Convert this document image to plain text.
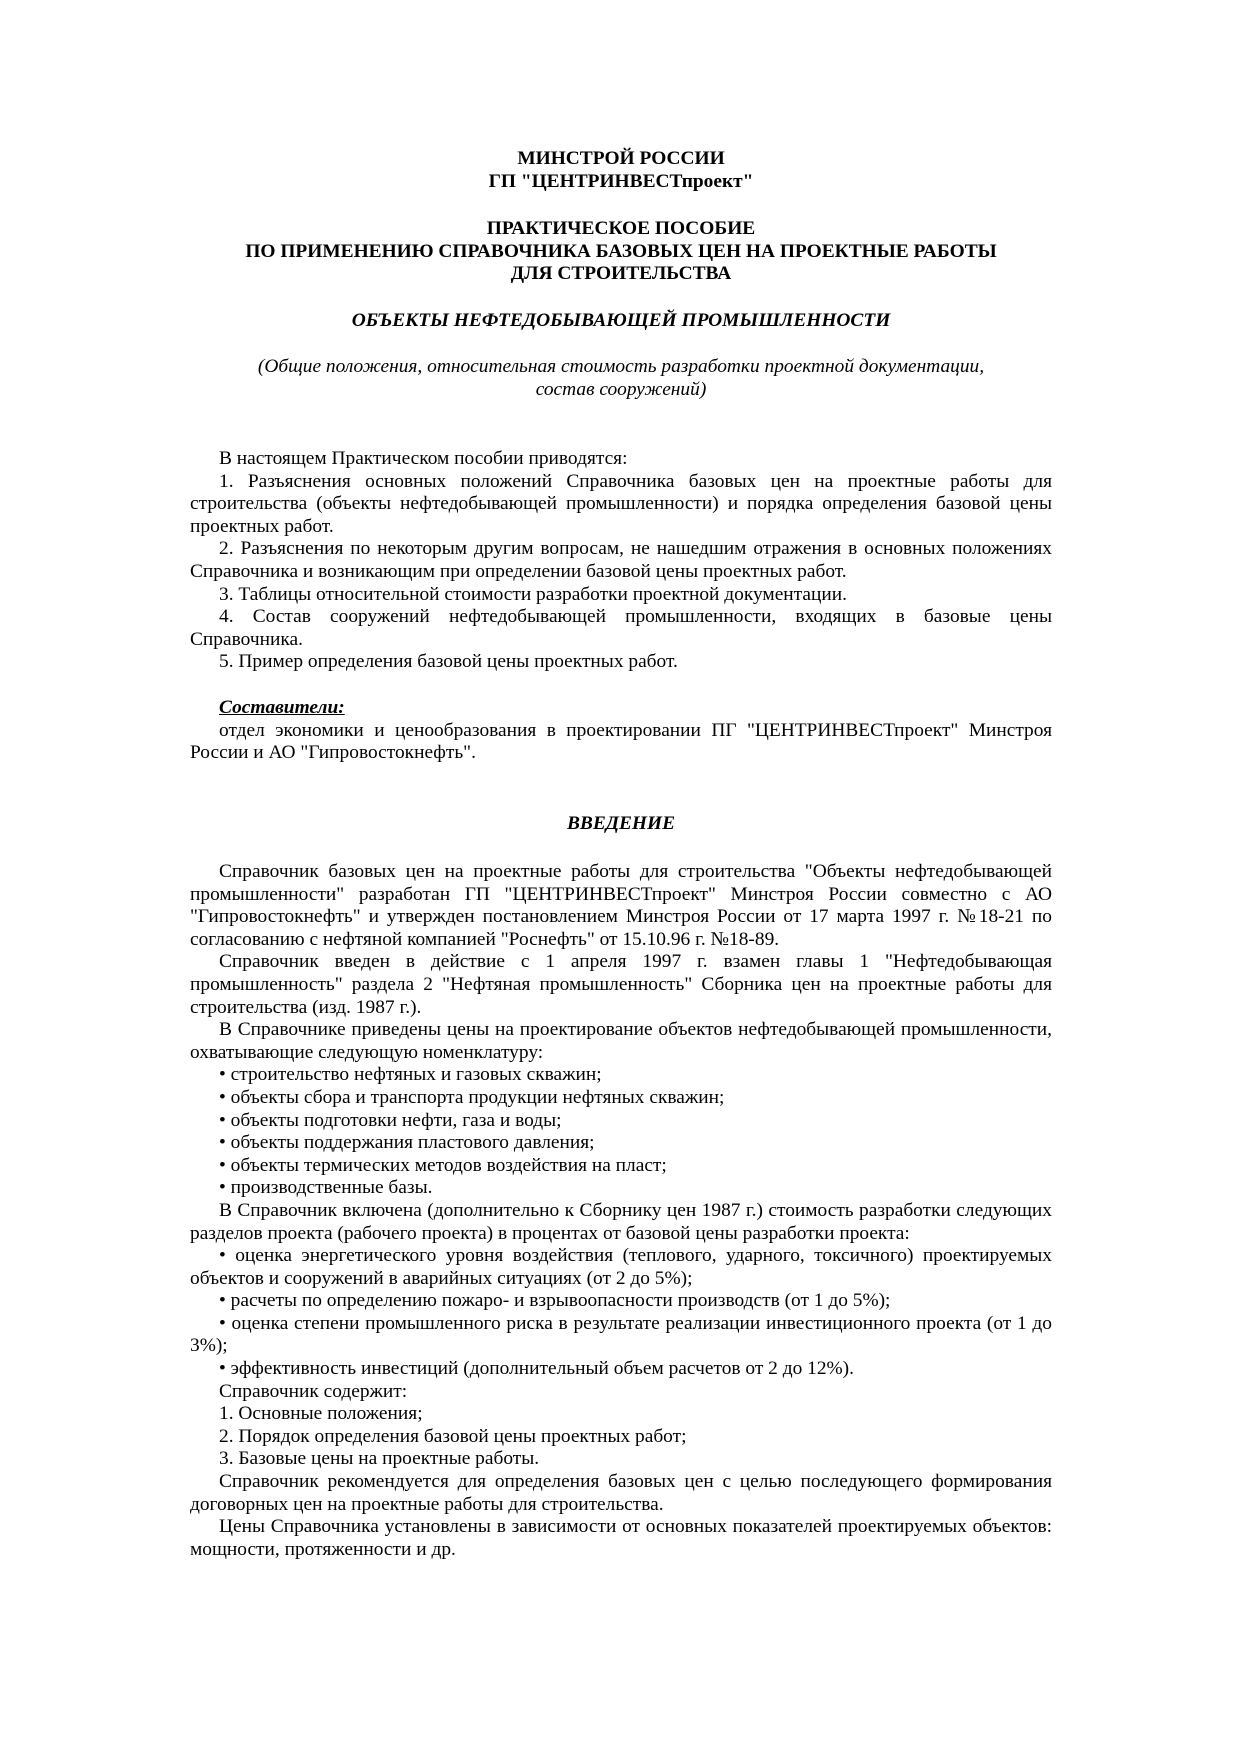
МИНСТРОЙ РОССИИ
ГП "ЦЕНТРИНВЕСТпроект"
ПРАКТИЧЕСКОЕ ПОСОБИЕ
ПО ПРИМЕНЕНИЮ СПРАВОЧНИКА БАЗОВЫХ ЦЕН НА ПРОЕКТНЫЕ РАБОТЫ
ДЛЯ СТРОИТЕЛЬСТВА
ОБЪЕКТЫ НЕФТЕДОБЫВАЮЩЕЙ ПРОМЫШЛЕННОСТИ
(Общие положения, относительная стоимость разработки проектной документации,
состав сооружений)

В настоящем Практическом пособии приводятся:

1. Разъяснения основных положений Справочника базовых цен на проектные работы для строительства (объекты нефтедобывающей промышленности) и порядка определения базовой цены проектных работ.

2. Разъяснения по некоторым другим вопросам, не нашедшим отражения в основных положениях Справочника и возникающим при определении базовой цены проектных работ.

3. Таблицы относительной стоимости разработки проектной документации.

4. Состав сооружений нефтедобывающей промышленности, входящих в базовые цены Справочника.

5. Пример определения базовой цены проектных работ.

Составители:

отдел экономики и ценообразования в проектировании ПГ "ЦЕНТРИНВЕСТпроект" Минстроя России и АО "Гипровостокнефть".

ВВЕДЕНИЕ

Справочник базовых цен на проектные работы для строительства "Объекты нефтедобывающей промышленности" разработан ГП "ЦЕНТРИНВЕСТпроект" Минстроя России совместно с АО "Гипровостокнефть" и утвержден постановлением Минстроя России от 17 марта 1997 г. №18-21 по согласованию с нефтяной компанией "Роснефть" от 15.10.96 г. №18-89.

Справочник введен в действие с 1 апреля 1997 г. взамен главы 1 "Нефтедобывающая промышленность" раздела 2 "Нефтяная промышленность" Сборника цен на проектные работы для строительства (изд. 1987 г.).

В Справочнике приведены цены на проектирование объектов нефтедобывающей промышленности, охватывающие следующую номенклатуру:

• строительство нефтяных и газовых скважин;

• объекты сбора и транспорта продукции нефтяных скважин;

• объекты подготовки нефти, газа и воды;

• объекты поддержания пластового давления;

• объекты термических методов воздействия на пласт;

• производственные базы.

В Справочник включена (дополнительно к Сборнику цен 1987 г.) стоимость разработки следующих разделов проекта (рабочего проекта) в процентах от базовой цены разработки проекта:

• оценка энергетического уровня воздействия (теплового, ударного, токсичного) проектируемых объектов и сооружений в аварийных ситуациях (от 2 до 5%);

• расчеты по определению пожаро- и взрывоопасности производств (от 1 до 5%);

• оценка степени промышленного риска в результате реализации инвестиционного проекта (от 1 до 3%);

• эффективность инвестиций (дополнительный объем расчетов от 2 до 12%).

Справочник содержит:

1. Основные положения;

2. Порядок определения базовой цены проектных работ;

3. Базовые цены на проектные работы.

Справочник рекомендуется для определения базовых цен с целью последующего формирования договорных цен на проектные работы для строительства.

Цены Справочника установлены в зависимости от основных показателей проектируемых объектов: мощности, протяженности и др.
